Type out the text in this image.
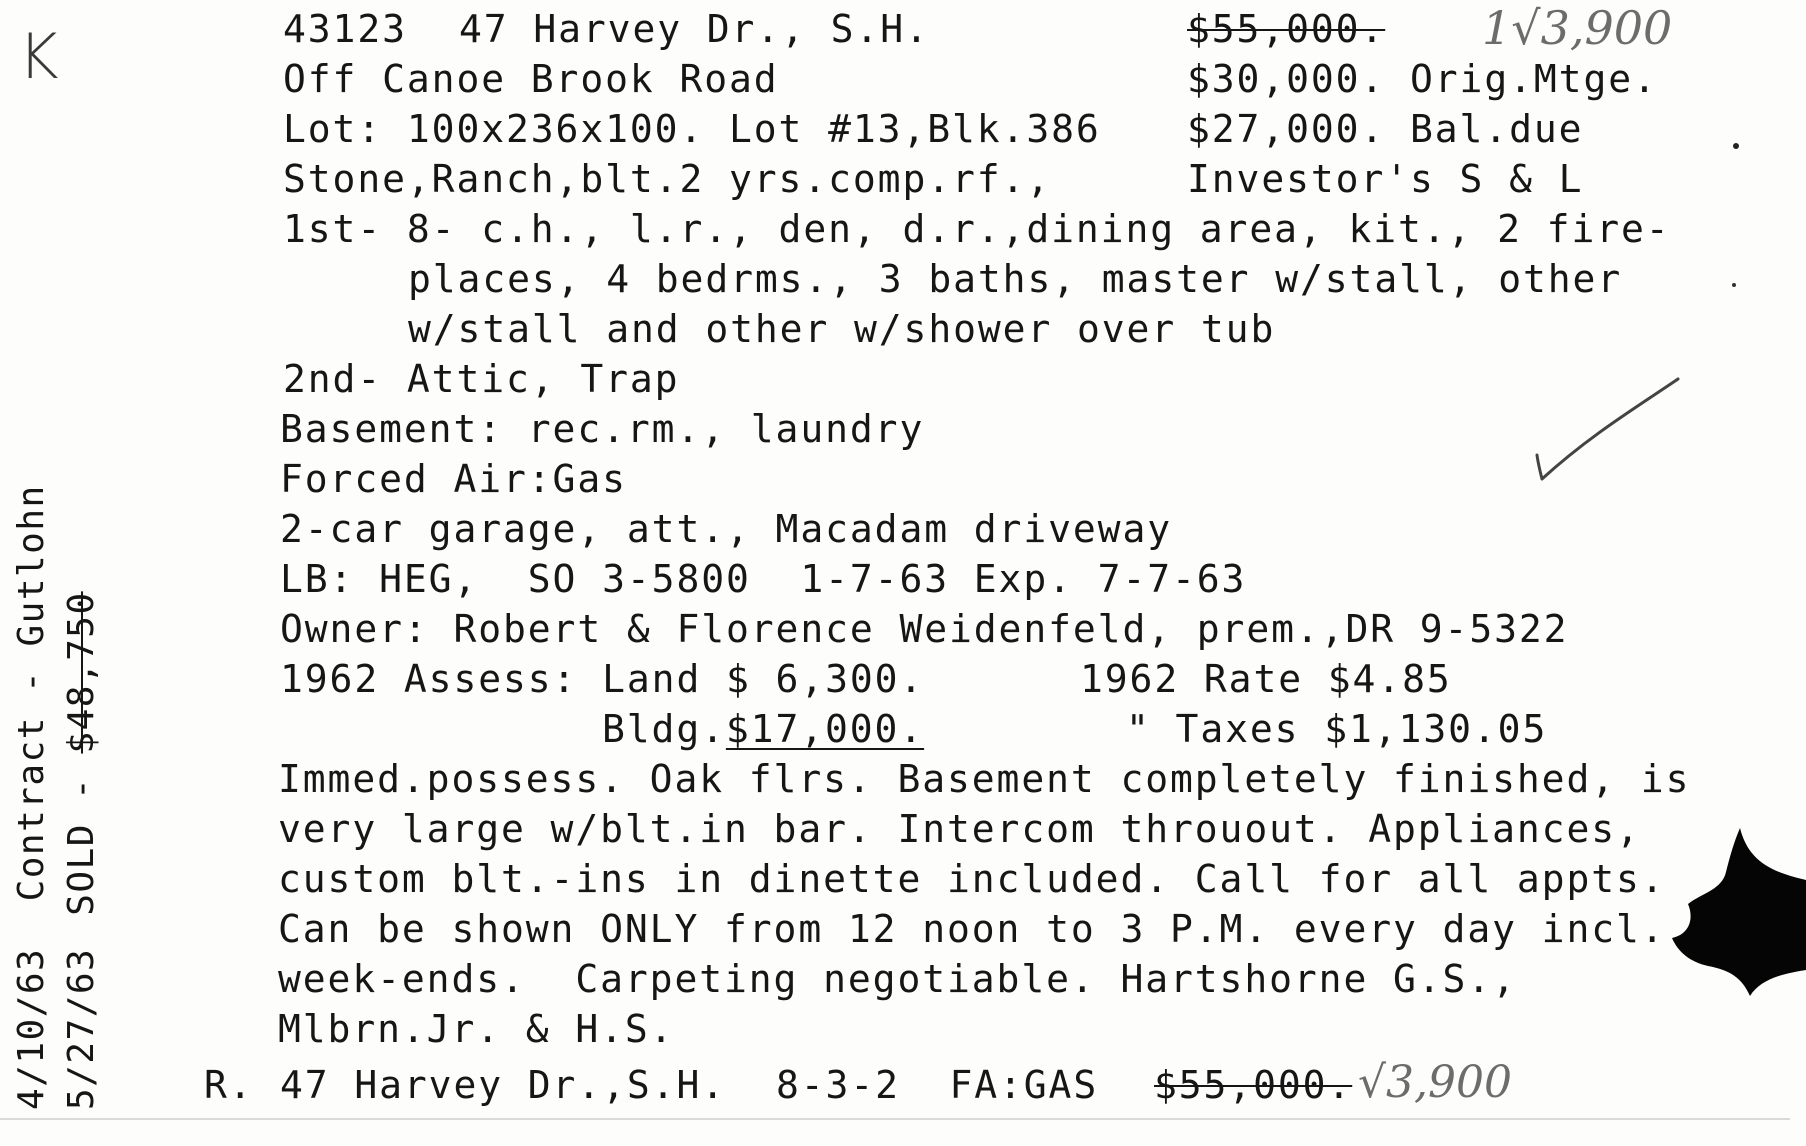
K	43123 47 Harvey Dr., S.H.	$55,000. 1√3,900

Off Canoe Brook Road	$30,000. Orig.Mtge.

Lot: 100x236x100. Lot #13,Blk.386 $27,000. Bal.due

Stone,Ranch,blt.2 yrs.comp.rf.,	Investor's S & L

1st- 8- c.h., l.r., den, d.r.,dining area, kit., 2 fire-

places, 4 bedrms., 3 baths, master w/stall, other

w/stall and other w/shower over tub

2nd- Attic, Trap

Basement: rec.rm., laundry

Forced Air:Gas

2-car garage, att., Macadam driveway

LB: HEG,  SO 3-5800  1-7-63 Exp. 7-7-63

Owner: Robert & Florence Weidenfeld, prem.,DR 9-5322

1962 Assess: Land $ 6,300.	1962 Rate $4.85

Bldg.$17,000.	" Taxes $1,130.05

Immed.possess. Oak flrs. Basement completely finished, is

very large w/blt.in bar. Intercom throuout. Appliances,

custom blt.-ins in dinette included. Call for all appts.

Can be shown ONLY from 12 noon to 3 P.M. every day incl.

week-ends.  Carpeting negotiable. Hartshorne G.S.,

Mlbrn.Jr. & H.S.

R. 47 Harvey Dr.,S.H. 8-3-2  FA:GAS $55,000. √3,900

4/10/63  Contract - Gutlohn 5/27/63SOLD - $48,750
